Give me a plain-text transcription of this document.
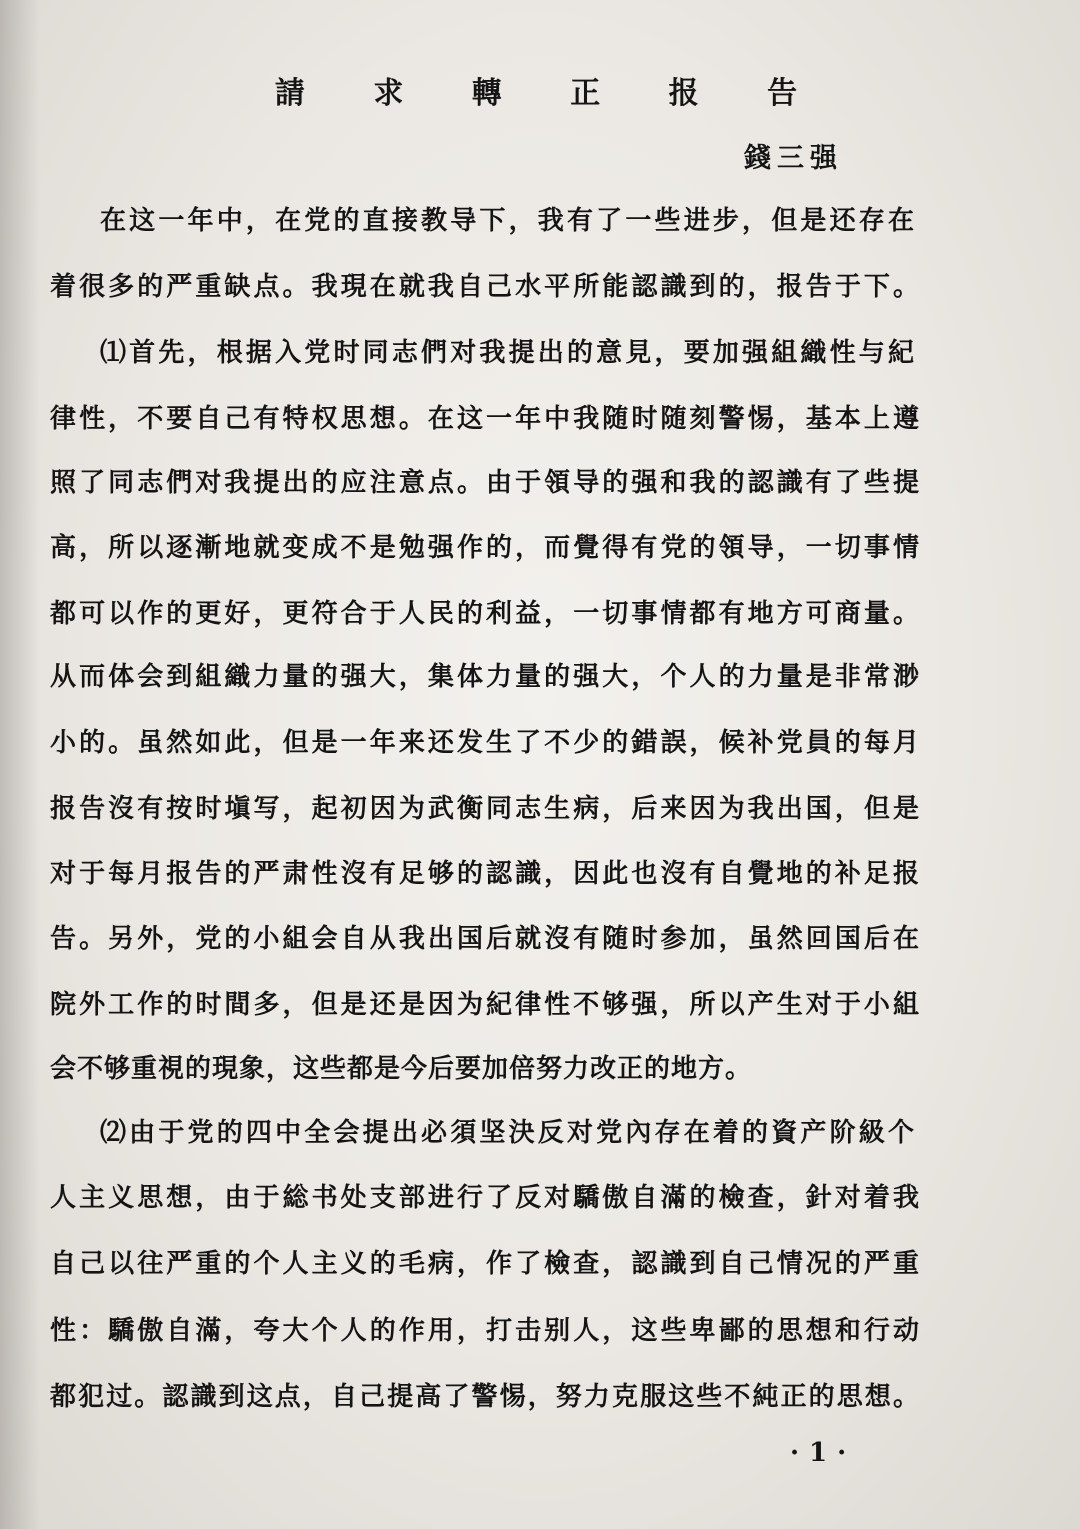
請 求 轉 正 报 告
錢三强
在这一年中，在党的直接教导下，我有了一些进步，但是还存在
着很多的严重缺点。我現在就我自己水平所能認識到的，报告于下。
⑴首先，根据入党时同志們对我提出的意見，要加强組織性与紀
律性，不要自己有特权思想。在这一年中我随时随刻警惕，基本上遵
照了同志們对我提出的应注意点。由于領导的强和我的認識有了些提
高，所以逐漸地就变成不是勉强作的，而覺得有党的領导，一切事情
都可以作的更好，更符合于人民的利益，一切事情都有地方可商量。
从而体会到組織力量的强大，集体力量的强大，个人的力量是非常渺
小的。虽然如此，但是一年来还发生了不少的錯誤，候补党員的每月
报告沒有按时塡写，起初因为武衡同志生病，后来因为我出国，但是
对于每月报告的严肃性沒有足够的認識，因此也沒有自覺地的补足报
告。另外，党的小組会自从我出国后就沒有随时参加，虽然回国后在
院外工作的时間多，但是还是因为紀律性不够强，所以产生对于小組
会不够重視的現象，这些都是今后要加倍努力改正的地方。
⑵由于党的四中全会提出必須坚決反对党內存在着的資产阶級个
人主义思想，由于総书处支部进行了反对驕傲自滿的檢查，針对着我
自己以往严重的个人主义的毛病，作了檢查，認識到自己情况的严重
性：驕傲自滿，夸大个人的作用，打击别人，这些卑鄙的思想和行动
都犯过。認識到这点，自己提高了警惕，努力克服这些不純正的思想。
·1·
